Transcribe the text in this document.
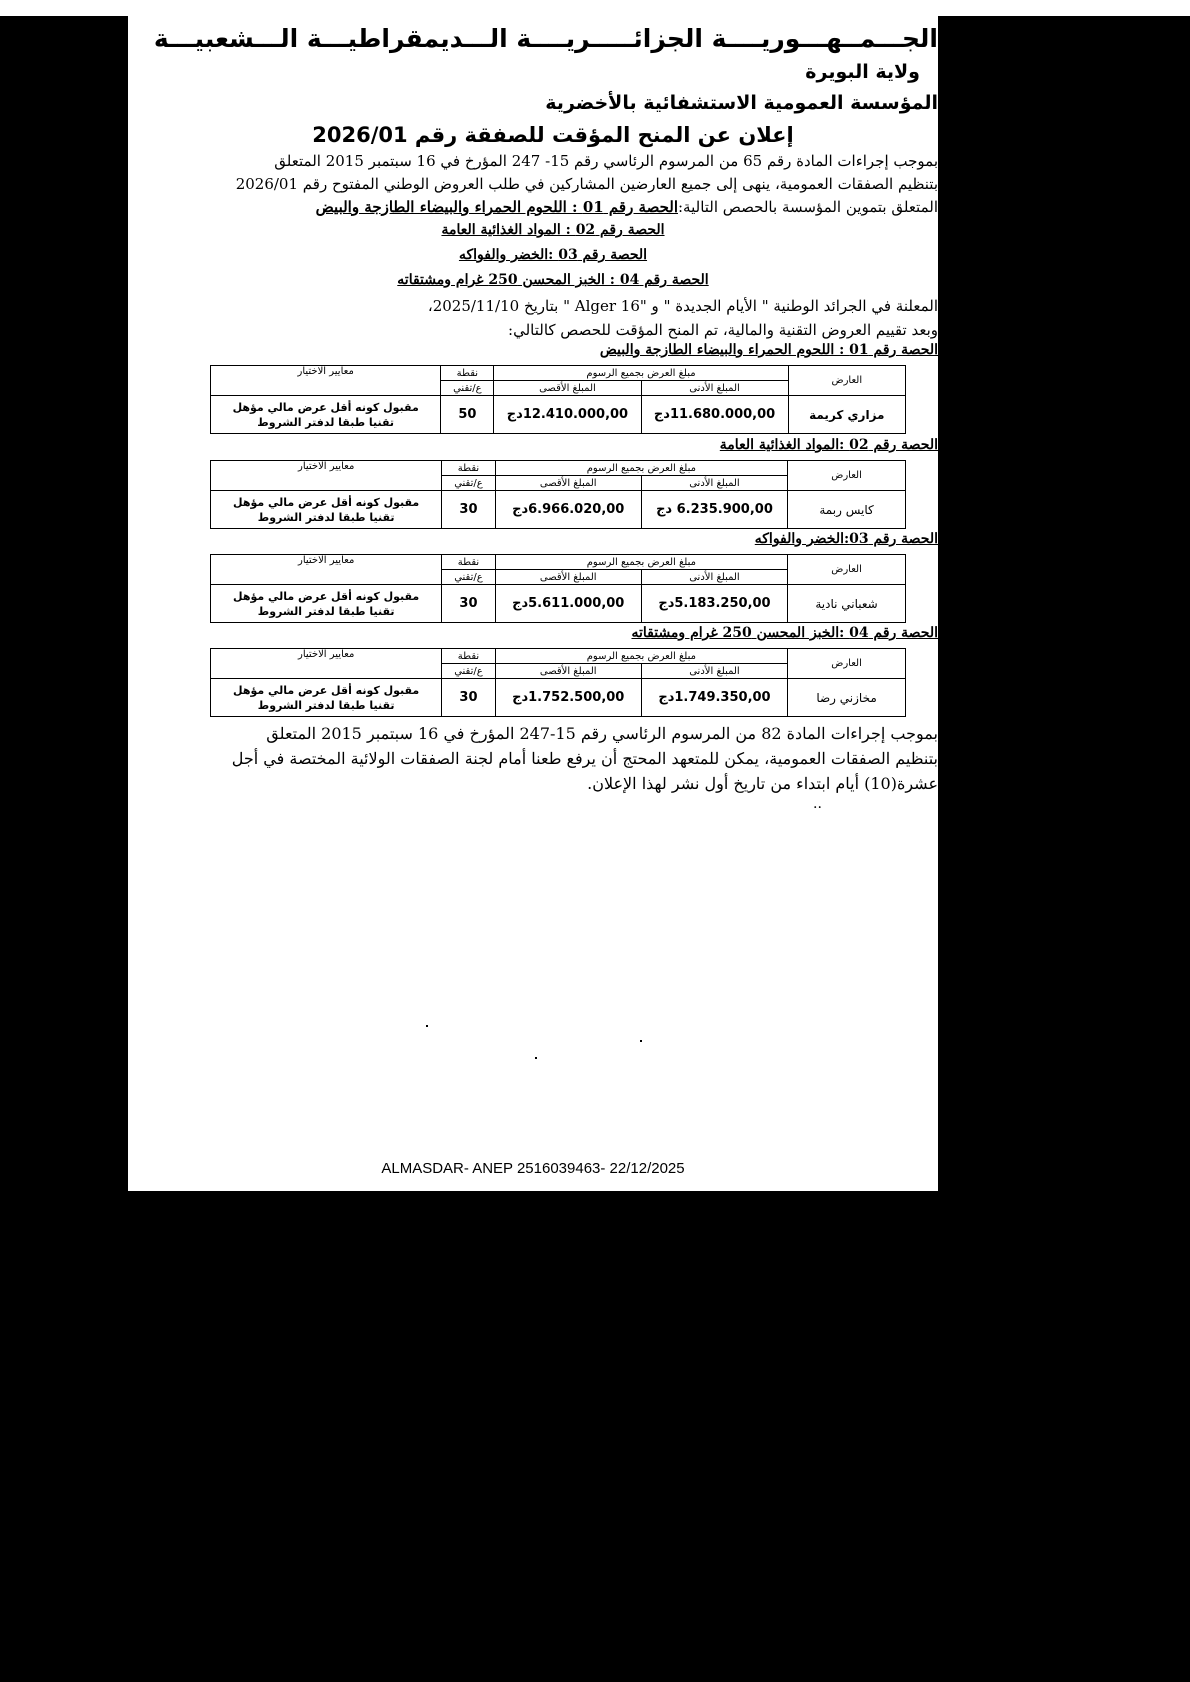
الجـــمــهـــوريــــة الجزائـــــريــــة الـــديمقراطيـــة الـــشعبيـــة
ولاية البويرة
المؤسسة العمومية الاستشفائية بالأخضرية
إعلان عن المنح المؤقت للصفقة رقم 2026/01
بموجب إجراءات المادة رقم 65 من المرسوم الرئاسي رقم 15- 247 المؤرخ في 16 سبتمبر 2015 المتعلق
بتنظيم الصفقات العمومية، ينهى إلى جميع العارضين المشاركين في طلب العروض الوطني المفتوح رقم 2026/01
المتعلق بتموين المؤسسة بالحصص التالية:الحصة رقم 01 : اللحوم الحمراء والبيضاء الطازجة والبيض
الحصة رقم 02 : المواد الغذائية العامة
الحصة رقم 03 :الخضر والفواكه
الحصة رقم 04 : الخبز المحسن 250 غرام ومشتقاته
المعلنة في الجرائد الوطنية " الأيام الجديدة " و "Alger 16 " بتاريخ 2025/11/10،
وبعد تقييم العروض التقنية والمالية، تم المنح المؤقت للحصص كالتالي:
الحصة رقم 01 : اللحوم الحمراء والبيضاء الطازجة والبيض
العارض	مبلغ العرض بجميع الرسوم		نقطة	معايير الاختيار
	المبلغ الأدنى	المبلغ الأقصى	ع/تقني	
مزاري كريمة	11.680.000,00دج	12.410.000,00دج	50	مقبول كونه أقل عرض مالي مؤهل
تقنيا طبقا لدفتر الشروط
الحصة رقم 02 :المواد الغذائية العامة
العارض	مبلغ العرض بجميع الرسوم		نقطة	معايير الاختيار
	المبلغ الأدنى	المبلغ الأقصى	ع/تقني	
كايس ربمة	6.235.900,00 دج	6.966.020,00دج	30	مقبول كونه أقل عرض مالي مؤهل
تقنيا طبقا لدفتر الشروط
الحصة رقم 03:الخضر والفواكه
العارض	مبلغ العرض بجميع الرسوم		نقطة	معايير الاختيار
	المبلغ الأدنى	المبلغ الأقصى	ع/تقني	
شعباني نادية	5.183.250,00دج	5.611.000,00دج	30	مقبول كونه أقل عرض مالي مؤهل
تقنيا طبقا لدفتر الشروط
الحصة رقم 04 :الخبز المحسن 250 غرام ومشتقاته
العارض	مبلغ العرض بجميع الرسوم		نقطة	معايير الاختيار
	المبلغ الأدنى	المبلغ الأقصى	ع/تقني	
مخازني رضا	1.749.350,00دج	1.752.500,00دج	30	مقبول كونه أقل عرض مالي مؤهل
تقنيا طبقا لدفتر الشروط
بموجب إجراءات المادة 82 من المرسوم الرئاسي رقم 15-247 المؤرخ في 16 سبتمبر 2015 المتعلق
بتنظيم الصفقات العمومية، يمكن للمتعهد المحتج أن يرفع طعنا أمام لجنة الصفقات الولائية المختصة في أجل
عشرة(10) أيام ابتداء من تاريخ أول نشر لهذا الإعلان.
..
ALMASDAR- ANEP 2516039463- 22/12/2025
